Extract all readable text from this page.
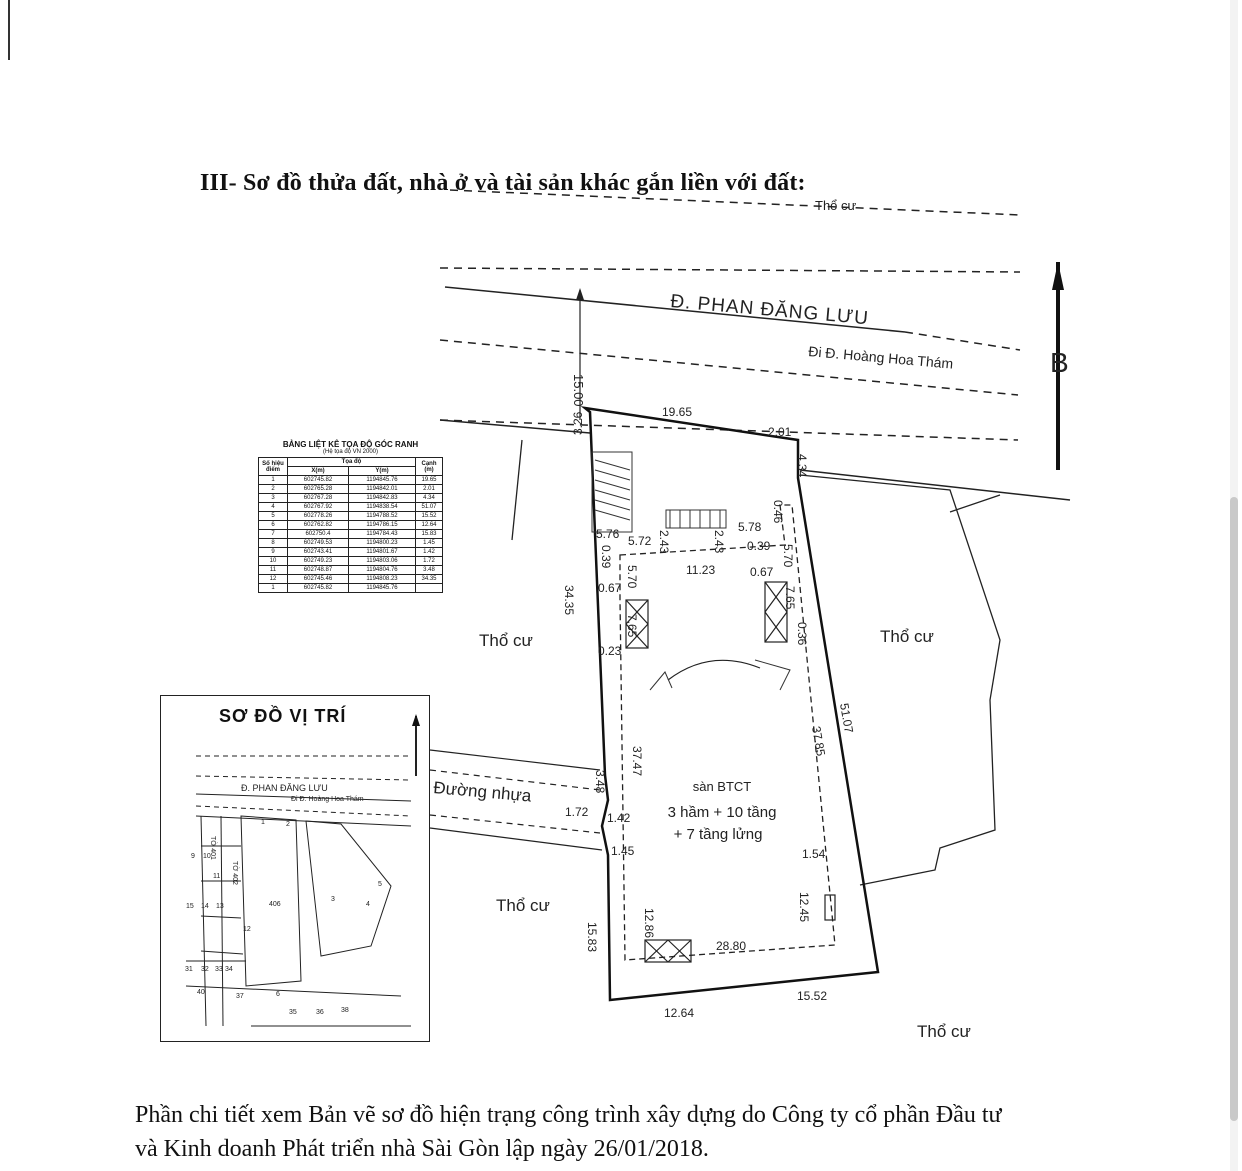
III- Sơ đồ thửa đất, nhà ở và tài sản khác gắn liền với đất:
B
Đ. PHAN ĐĂNG LƯU
Đi Đ. Hoàng Hoa Thám
15.00
3.26	19.65
2.01
4.34
0.46
5.78
5.70
0.39
2.43
2.43
5.72
0.39
5.76
0.67 5.70	11.23	0.67
7.65
0.36
7.65
0.23
34.35
51.07
37.85
37.47
3.48
1.72 1.42
1.45	1.54
12.45
12.86
28.80
15.83
12.64
15.52
Thổ cư	Thổ cư
Thổ cư
Thổ cư
Thổ cư
Đường nhựa	sàn BTCT
3 hầm + 10 tầng
+ 7 tầng lửng
BẢNG LIỆT KÊ TỌA ĐỘ GÓC RANH
(Hệ tọa độ VN 2000)
Số hiệu điểm	Tọa độ		Cạnh (m)
	X(m)	Y(m)	
1	602745.82	1194845.76	19.65
2	602765.28	1194842.01	2.01
3	602767.28	1194842.83	4.34
4	602767.92	1194838.54	51.07
5	602778.26	1194788.52	15.52
6	602762.82	1194786.15	12.64
7	602750.4	1194784.43	15.83
8	602749.53	1194800.23	1.45
9	602743.41	1194801.67	1.42
10	602749.23	1194803.06	1.72
11	602748.87	1194804.76	3.48
12	602745.46	1194808.23	34.35
1	602745.82	1194845.76	
SƠ ĐỒ VỊ TRÍ
Đ. PHAN ĐĂNG LƯU
Đi Đ. Hoàng Hoa Thám
TỜ 401
TỜ 402
406
1	2
3
4
5
6
9 10
11
12
13
14
15
31 32 33 34
35	36
37
38
40
Phần chi tiết xem Bản vẽ sơ đồ hiện trạng công trình xây dựng do Công ty cổ phần Đầu tư
và Kinh doanh Phát triển nhà Sài Gòn lập ngày 26/01/2018.
